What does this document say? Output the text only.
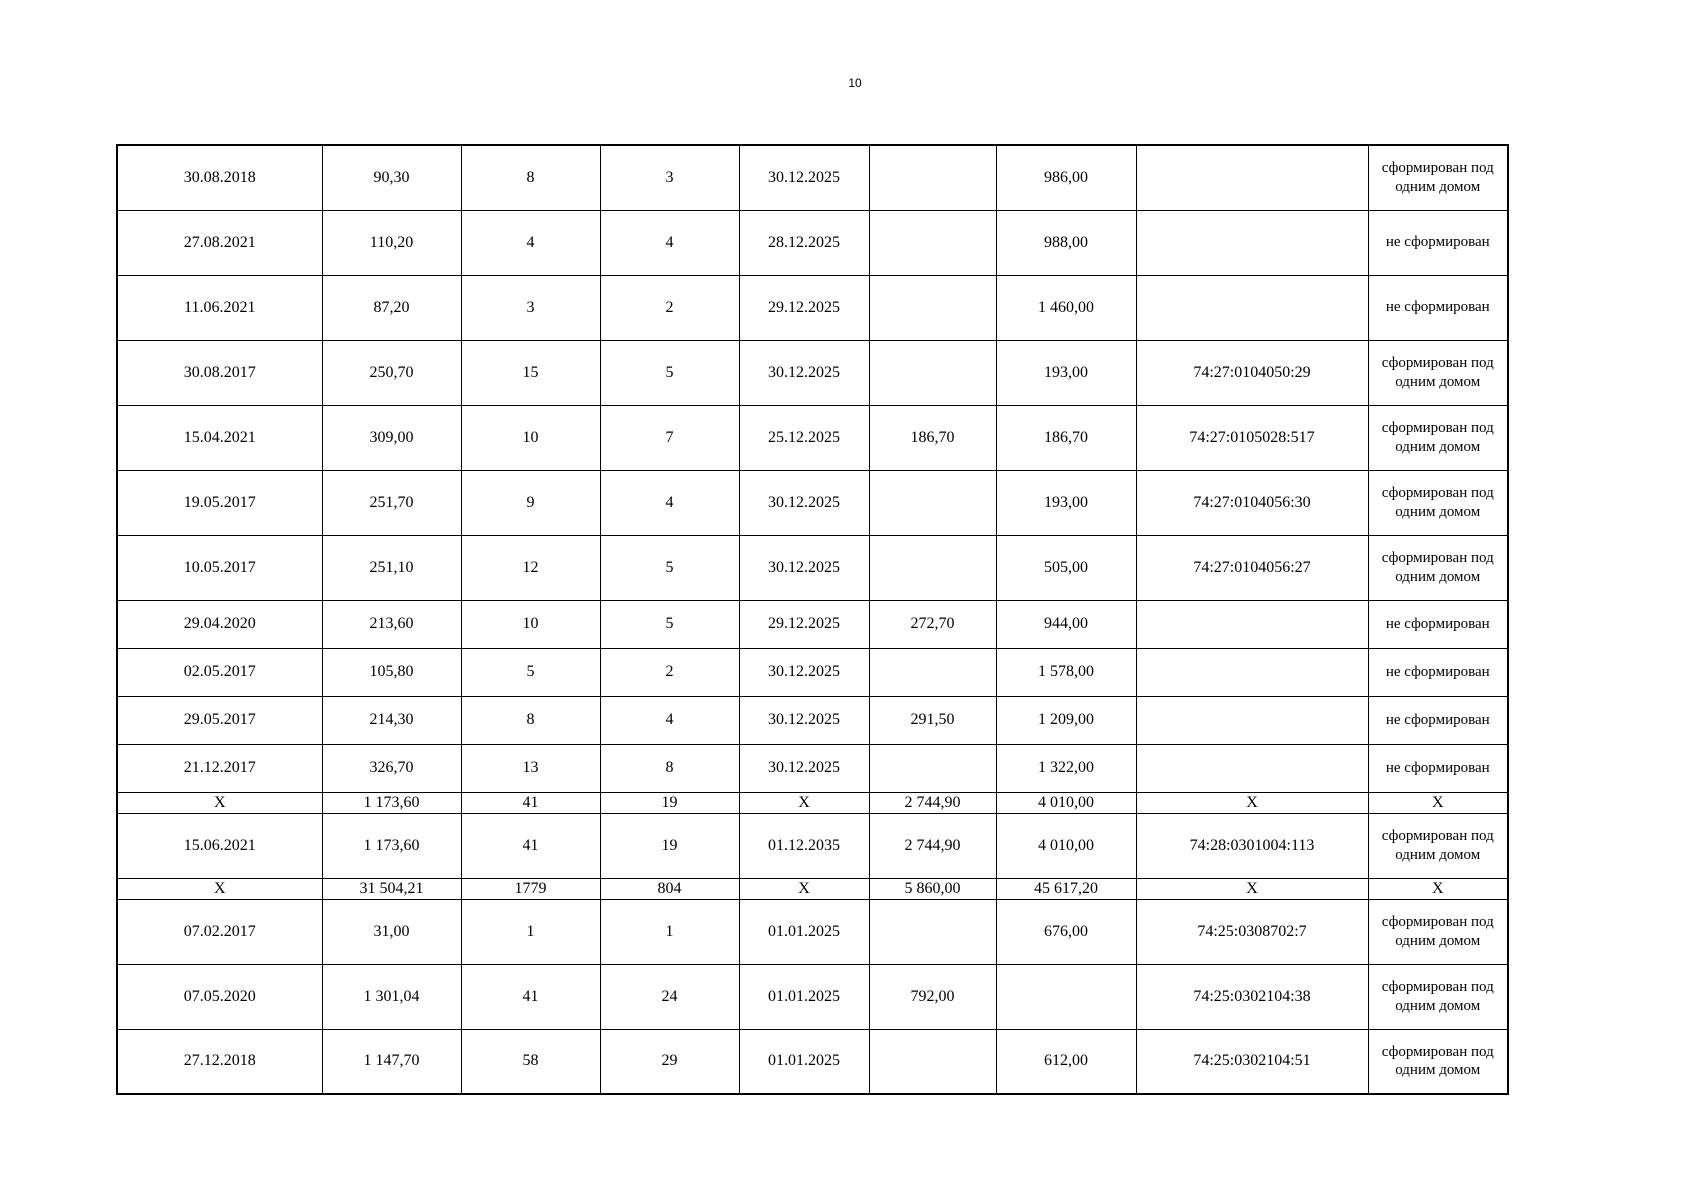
10
30.08.2018	90,30	8	3	30.12.2025		986,00		сформирован под одним домом
27.08.2021	110,20	4	4	28.12.2025		988,00		не сформирован
11.06.2021	87,20	3	2	29.12.2025		1 460,00		не сформирован
30.08.2017	250,70	15	5	30.12.2025		193,00	74:27:0104050:29	сформирован под одним домом
15.04.2021	309,00	10	7	25.12.2025	186,70	186,70	74:27:0105028:517	сформирован под одним домом
19.05.2017	251,70	9	4	30.12.2025		193,00	74:27:0104056:30	сформирован под одним домом
10.05.2017	251,10	12	5	30.12.2025		505,00	74:27:0104056:27	сформирован под одним домом
29.04.2020	213,60	10	5	29.12.2025	272,70	944,00		не сформирован
02.05.2017	105,80	5	2	30.12.2025		1 578,00		не сформирован
29.05.2017	214,30	8	4	30.12.2025	291,50	1 209,00		не сформирован
21.12.2017	326,70	13	8	30.12.2025		1 322,00		не сформирован
X	1 173,60	41	19	X	2 744,90	4 010,00	X	X
15.06.2021	1 173,60	41	19	01.12.2035	2 744,90	4 010,00	74:28:0301004:113	сформирован под одним домом
X	31 504,21	1779	804	X	5 860,00	45 617,20	X	X
07.02.2017	31,00	1	1	01.01.2025		676,00	74:25:0308702:7	сформирован под одним домом
07.05.2020	1 301,04	41	24	01.01.2025	792,00		74:25:0302104:38	сформирован под одним домом
27.12.2018	1 147,70	58	29	01.01.2025		612,00	74:25:0302104:51	сформирован под одним домом
